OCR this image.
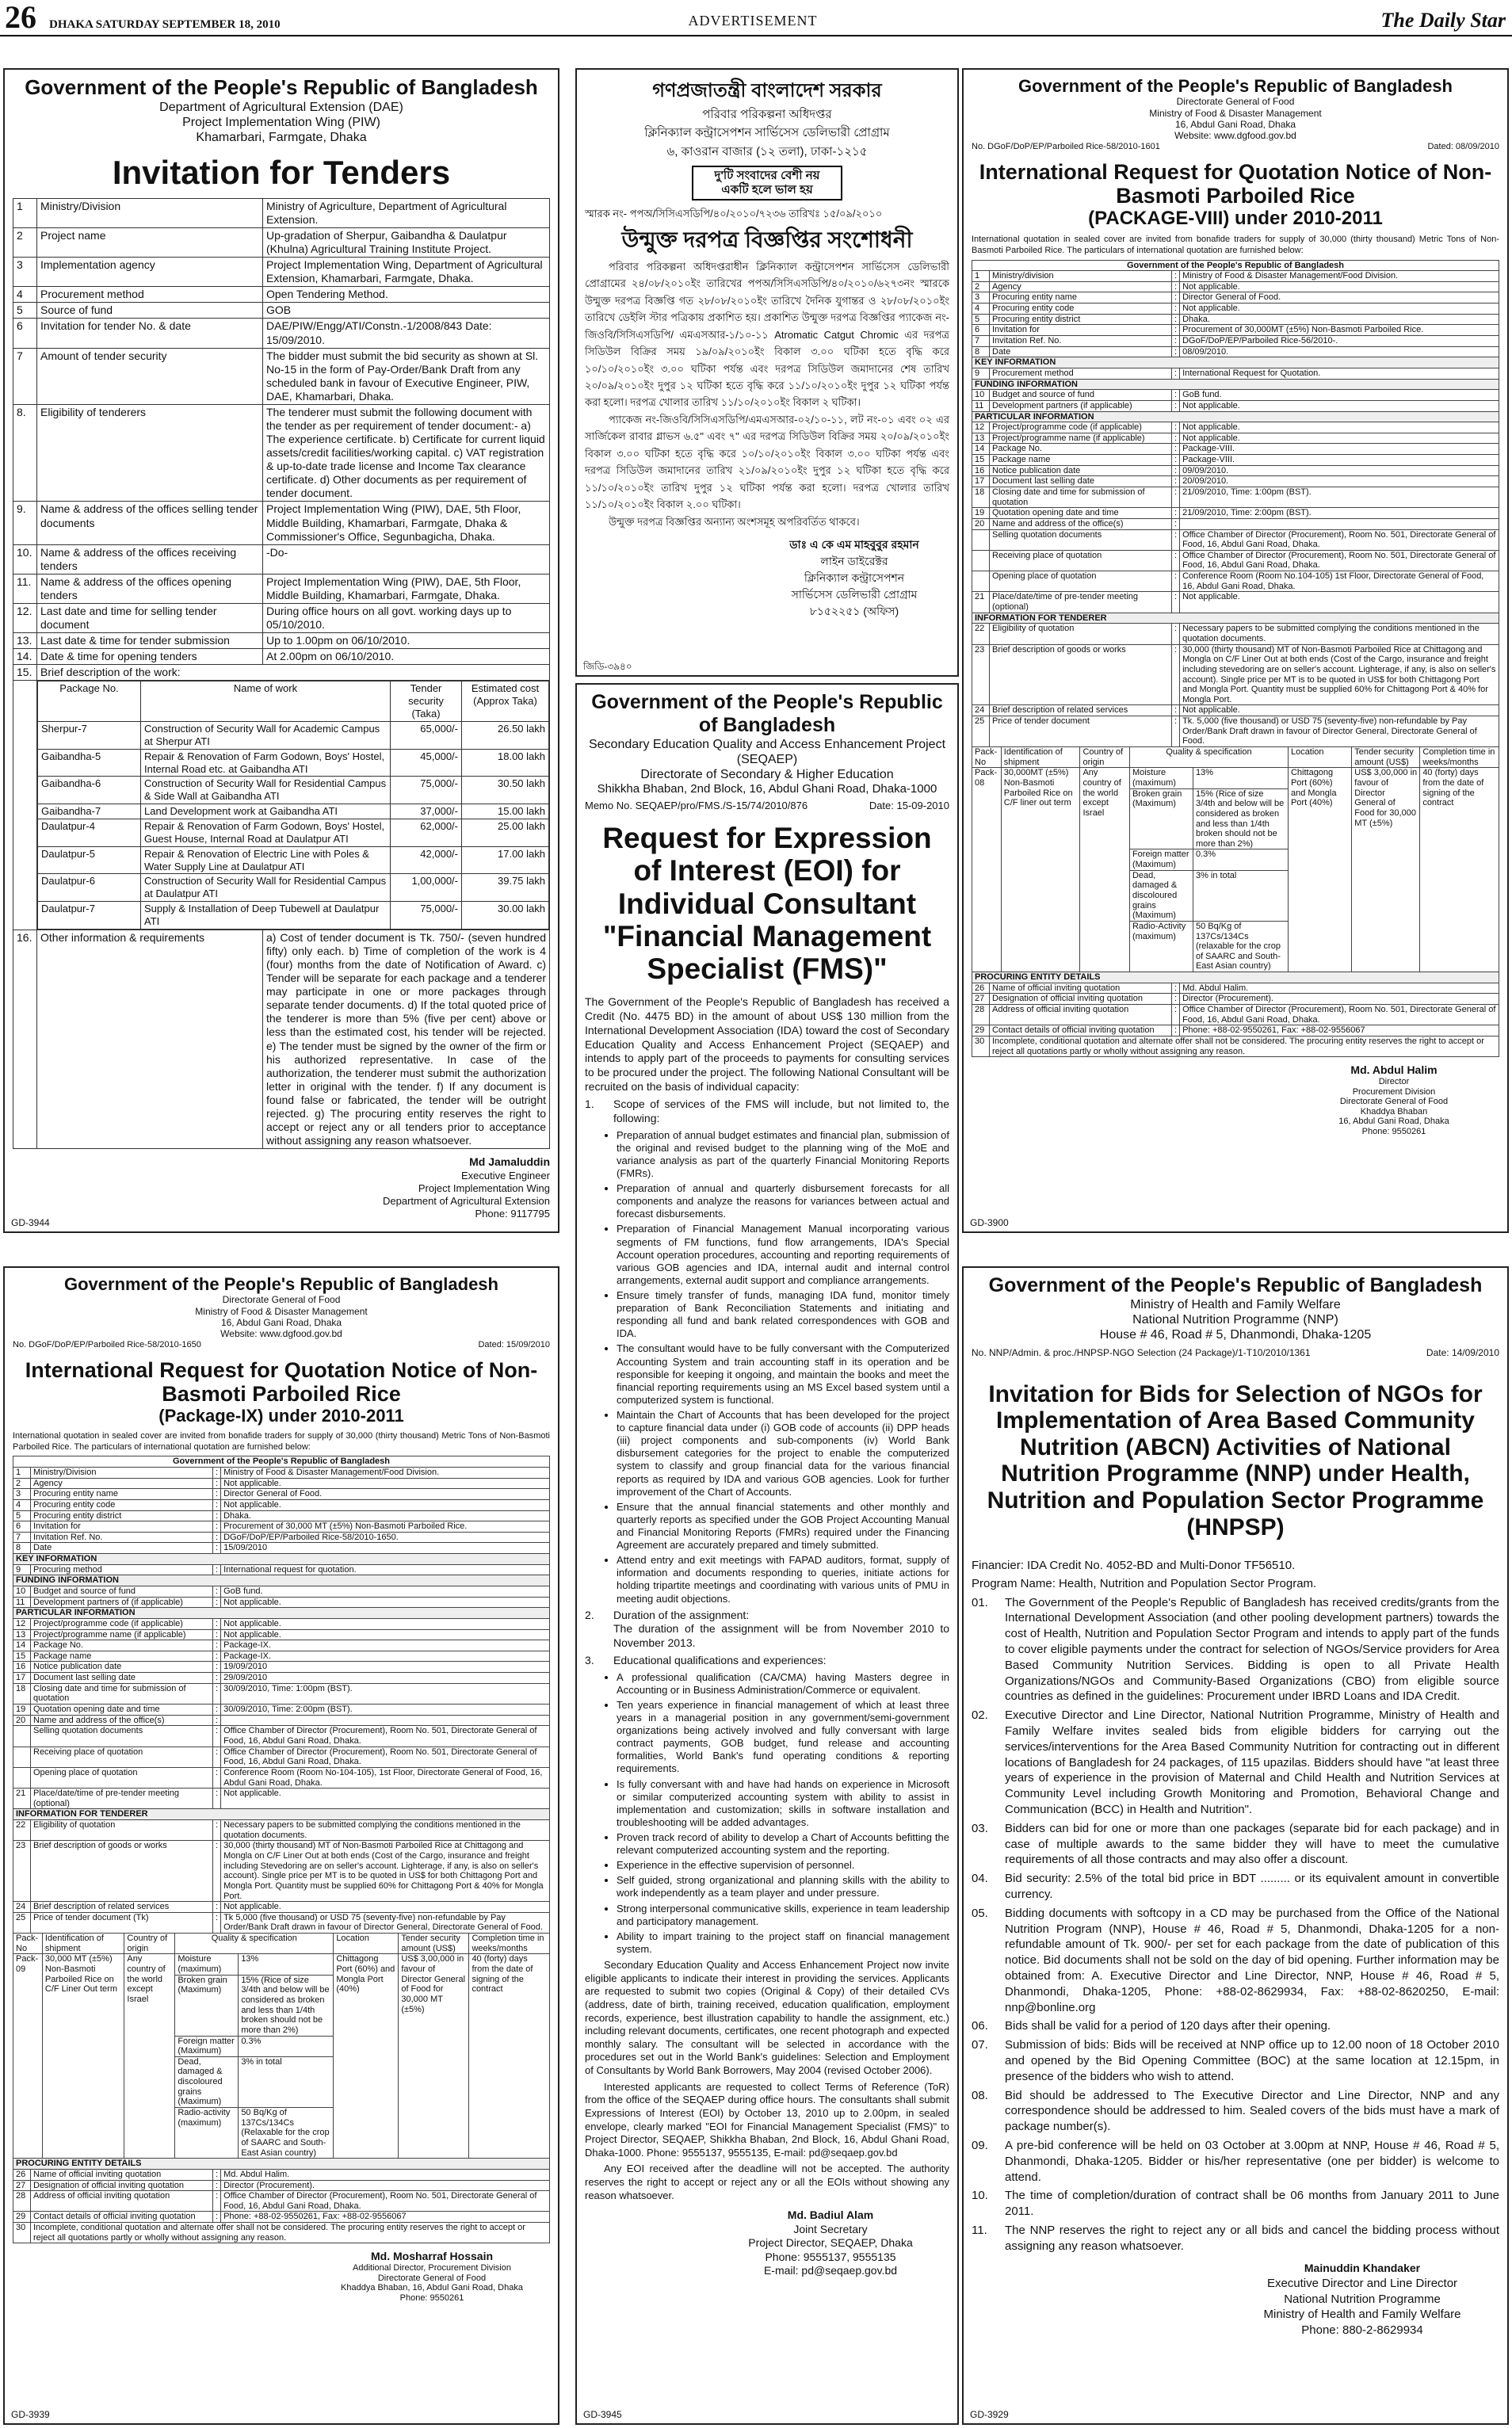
26 DHAKA SATURDAY SEPTEMBER 18, 2010	ADVERTISEMENT	The Daily Star
Government of the People's Republic of Bangladesh
Department of Agricultural Extension (DAE)
Project Implementation Wing (PIW)
Khamarbari, Farmgate, Dhaka
Invitation for Tenders
1	Ministry/Division	Ministry of Agriculture, Department of Agricultural Extension.
2	Project name	Up-gradation of Sherpur, Gaibandha & Daulatpur (Khulna) Agricultural Training Institute Project.
3	Implementation agency	Project Implementation Wing, Department of Agricultural Extension, Khamarbari, Farmgate, Dhaka.
4	Procurement method	Open Tendering Method.
5	Source of fund	GOB
6	Invitation for tender No. & date	DAE/PIW/Engg/ATI/Constn.-1/2008/843 Date: 15/09/2010.
7	Amount of tender security	The bidder must submit the bid security as shown at Sl. No-15 in the form of Pay-Order/Bank Draft from any scheduled bank in favour of Executive Engineer, PIW, DAE, Khamarbari, Dhaka.
8.	Eligibility of tenderers	The tenderer must submit the following document with the tender as per requirement of tender document:- a) The experience certificate. b) Certificate for current liquid assets/credit facilities/working capital. c) VAT registration & up-to-date trade license and Income Tax clearance certificate. d) Other documents as per requirement of tender document.
9.	Name & address of the offices selling tender documents	Project Implementation Wing (PIW), DAE, 5th Floor, Middle Building, Khamarbari, Farmgate, Dhaka & Commissioner's Office, Segunbagicha, Dhaka.
10.	Name & address of the offices receiving tenders	-Do-
11.	Name & address of the offices opening tenders	Project Implementation Wing (PIW), DAE, 5th Floor, Middle Building, Khamarbari, Farmgate, Dhaka.
12.	Last date and time for selling tender document	During office hours on all govt. working days up to 05/10/2010.
13.	Last date & time for tender submission	Up to 1.00pm on 06/10/2010.
14.	Date & time for opening tenders	At 2.00pm on 06/10/2010.
15.	Brief description of the work:

Package No.	Name of work	Tender security (Taka)	Estimated cost (Approx Taka)
Sherpur-7	Construction of Security Wall for Academic Campus at Sherpur ATI	65,000/-	26.50 lakh
Gaibandha-5	Repair & Renovation of Farm Godown, Boys' Hostel, Internal Road etc. at Gaibandha ATI	45,000/-	18.00 lakh
Gaibandha-6	Construction of Security Wall for Residential Campus & Side Wall at Gaibandha ATI	75,000/-	30.50 lakh
Gaibandha-7	Land Development work at Gaibandha ATI	37,000/-	15.00 lakh
Daulatpur-4	Repair & Renovation of Farm Godown, Boys' Hostel, Guest House, Internal Road at Daulatpur ATI	62,000/-	25.00 lakh
Daulatpur-5	Repair & Renovation of Electric Line with Poles & Water Supply Line at Daulatpur ATI	42,000/-	17.00 lakh
Daulatpur-6	Construction of Security Wall for Residential Campus at Daulatpur ATI	1,00,000/-	39.75 lakh
Daulatpur-7	Supply & Installation of Deep Tubewell at Daulatpur ATI	75,000/-	30.00 lakh

16.	Other information & requirements	a) Cost of tender document is Tk. 750/- (seven hundred fifty) only each. b) Time of completion of the work is 4 (four) months from the date of Notification of Award. c) Tender will be separate for each package and a tenderer may participate in one or more packages through separate tender documents. d) If the total quoted price of the tenderer is more than 5% (five per cent) above or less than the estimated cost, his tender will be rejected. e) The tender must be signed by the owner of the firm or his authorized representative. In case of the authorization, the tenderer must submit the authorization letter in original with the tender. f) If any document is found false or fabricated, the tender will be outright rejected. g) The procuring entity reserves the right to accept or reject any or all tenders prior to acceptance without assigning any reason whatsoever.
Md Jamaluddin
Executive Engineer
Project Implementation Wing
Department of Agricultural Extension
Phone: 9117795
GD-3944
গণপ্রজাতন্ত্রী বাংলাদেশ সরকার
পরিবার পরিকল্পনা অধিদপ্তর
ক্লিনিক্যাল কন্ট্রাসেপশন সার্ভিসেস ডেলিভারী প্রোগ্রাম
৬, কাওরান বাজার (১২ তলা), ঢাকা-১২১৫
দু'টি সংবাদের বেশী নয়
একটি হলে ভাল হয়
স্মারক নং- পপঅ/সিসিএসডিপি/৪০/২০১০/৭২৩৬ তারিখঃ ১৫/০৯/২০১০
উন্মুক্ত দরপত্র বিজ্ঞপ্তির সংশোধনী
পরিবার পরিকল্পনা অধিদপ্তরাধীন ক্লিনিক্যাল কন্ট্রাসেপশন সার্ভিসেস ডেলিভারী প্রোগ্রামের ২৪/০৮/২০১০ইং তারিখের পপঅ/সিসিএসডিপি/৪০/২০১০/৬২৭৩নং স্মারকে উন্মুক্ত দরপত্র বিজ্ঞপ্তি গত ২৮/০৮/২০১০ইং তারিখে দৈনিক যুগান্তর ও ২৮/০৮/২০১০ইং তারিখে ডেইলি স্টার পত্রিকায় প্রকাশিত হয়। প্রকাশিত উন্মুক্ত দরপত্র বিজ্ঞপ্তির প্যাকেজ নং-জিওবি/সিসিএসডিপি/ এমএসআর-১/১০-১১ Atromatic Catgut Chromic এর দরপত্র সিডিউল বিক্রির সময় ১৯/০৯/২০১০ইং বিকাল ৩.০০ ঘটিকা হতে বৃদ্ধি করে ১০/১০/২০১০ইং ৩.০০ ঘটিকা পর্যন্ত এবং দরপত্র সিডিউল জমাদানের শেষ তারিখ ২০/০৯/২০১০ইং দুপুর ১২ ঘটিকা হতে বৃদ্ধি করে ১১/১০/২০১০ইং দুপুর ১২ ঘটিকা পর্যন্ত করা হলো। দরপত্র খোলার তারিখ ১১/১০/২০১০ইং বিকাল ২ ঘটিকা।
প্যাকেজ নং-জিওবি/সিসিএসডিপি/এমএসআর-০২/১০-১১, লট নং-০১ এবং ০২ এর সার্জিকেল রাবার গ্লাভস ৬.৫" এবং ৭" এর দরপত্র সিডিউল বিক্রির সময় ২০/০৯/২০১০ইং বিকাল ৩.০০ ঘটিকা হতে বৃদ্ধি করে ১০/১০/২০১০ইং বিকাল ৩.০০ ঘটিকা পর্যন্ত এবং দরপত্র সিডিউল জমাদানের তারিখ ২১/০৯/২০১০ইং দুপুর ১২ ঘটিকা হতে বৃদ্ধি করে ১১/১০/২০১০ইং তারিখ দুপুর ১২ ঘটিকা পর্যন্ত করা হলো। দরপত্র খোলার তারিখ ১১/১০/২০১০ইং বিকাল ২.০০ ঘটিকা।
উন্মুক্ত দরপত্র বিজ্ঞপ্তির অন্যান্য অংশসমূহ অপরিবর্তিত থাকবে।
ডাঃ এ কে এম মাহবুবুর রহমান
লাইন ডাইরেক্টর
ক্লিনিক্যাল কন্ট্রাসেপশন
সার্ভিসেস ডেলিভারী প্রোগ্রাম
৮১৫২২৫১ (অফিস)
জিডি-৩৯৪০
Government of the People's Republic of Bangladesh
Secondary Education Quality and Access Enhancement Project (SEQAEP)
Directorate of Secondary & Higher Education
Shikkha Bhaban, 2nd Block, 16, Abdul Ghani Road, Dhaka-1000
Memo No. SEQAEP/pro/FMS./S-15/74/2010/876	Date: 15-09-2010
Request for Expression of Interest (EOI) for Individual Consultant "Financial Management Specialist (FMS)"
The Government of the People's Republic of Bangladesh has received a Credit (No. 4475 BD) in the amount of about US$ 130 million from the International Development Association (IDA) toward the cost of Secondary Education Quality and Access Enhancement Project (SEQAEP) and intends to apply part of the proceeds to payments for consulting services to be procured under the project. The following National Consultant will be recruited on the basis of individual capacity:
1.	Scope of services of the FMS will include, but not limited to, the following:
• Preparation of annual budget estimates and financial plan, submission of the original and revised budget to the planning wing of the MoE and variance analysis as part of the quarterly Financial Monitoring Reports (FMRs).
• Preparation of annual and quarterly disbursement forecasts for all components and analyze the reasons for variances between actual and forecast disbursements.
• Preparation of Financial Management Manual incorporating various segments of FM functions, fund flow arrangements, IDA's Special Account operation procedures, accounting and reporting requirements of various GOB agencies and IDA, internal audit and internal control arrangements, external audit support and compliance arrangements.
• Ensure timely transfer of funds, managing IDA fund, monitor timely preparation of Bank Reconciliation Statements and initiating and responding all fund and bank related correspondences with GOB and IDA.
• The consultant would have to be fully conversant with the Computerized Accounting System and train accounting staff in its operation and be responsible for keeping it ongoing, and maintain the books and meet the financial reporting requirements using an MS Excel based system until a computerized system is functional.
• Maintain the Chart of Accounts that has been developed for the project to capture financial data under (i) GOB code of accounts (ii) DPP heads (iii) project components and sub-components (iv) World Bank disbursement categories for the project to enable the computerized system to classify and group financial data for the various financial reports as required by IDA and various GOB agencies. Look for further improvement of the Chart of Accounts.
• Ensure that the annual financial statements and other monthly and quarterly reports as specified under the GOB Project Accounting Manual and Financial Monitoring Reports (FMRs) required under the Financing Agreement are accurately prepared and timely submitted.
• Attend entry and exit meetings with FAPAD auditors, format, supply of information and documents responding to queries, initiate actions for holding tripartite meetings and coordinating with various units of PMU in meeting audit objections.
2.	Duration of the assignment:
The duration of the assignment will be from November 2010 to November 2013.
3.	Educational qualifications and experiences:
• A professional qualification (CA/CMA) having Masters degree in Accounting or in Business Administration/Commerce or equivalent.
• Ten years experience in financial management of which at least three years in a managerial position in any government/semi-government organizations being actively involved and fully conversant with large contract payments, GOB budget, fund release and accounting formalities, World Bank's fund operating conditions & reporting requirements.
• Is fully conversant with and have had hands on experience in Microsoft or similar computerized accounting system with ability to assist in implementation and customization; skills in software installation and troubleshooting will be added advantages.
• Proven track record of ability to develop a Chart of Accounts befitting the relevant computerized accounting system and the reporting.
• Experience in the effective supervision of personnel.
• Self guided, strong organizational and planning skills with the ability to work independently as a team player and under pressure.
• Strong interpersonal communicative skills, experience in team leadership and participatory management.
• Ability to impart training to the project staff on financial management system.
Secondary Education Quality and Access Enhancement Project now invite eligible applicants to indicate their interest in providing the services. Applicants are requested to submit two copies (Original & Copy) of their detailed CVs (address, date of birth, training received, education qualification, employment records, experience, best illustration capability to handle the assignment, etc.) including relevant documents, certificates, one recent photograph and expected monthly salary. The consultant will be selected in accordance with the procedures set out in the World Bank's guidelines: Selection and Employment of Consultants by World Bank Borrowers, May 2004 (revised October 2006).
Interested applicants are requested to collect Terms of Reference (ToR) from the office of the SEQAEP during office hours. The consultants shall submit Expressions of Interest (EOI) by October 13, 2010 up to 2.00pm, in sealed envelope, clearly marked "EOI for Financial Management Specialist (FMS)" to Project Director, SEQAEP, Shikkha Bhaban, 2nd Block, 16, Abdul Ghani Road, Dhaka-1000. Phone: 9555137, 9555135, E-mail: pd@seqaep.gov.bd
Any EOI received after the deadline will not be accepted. The authority reserves the right to accept or reject any or all the EOIs without showing any reason whatsoever.
Md. Badiul Alam
Joint Secretary
Project Director, SEQAEP, Dhaka
Phone: 9555137, 9555135
E-mail: pd@seqaep.gov.bd
GD-3945
Government of the People's Republic of Bangladesh
Directorate General of Food
Ministry of Food & Disaster Management
16, Abdul Gani Road, Dhaka
Website: www.dgfood.gov.bd
No. DGoF/DoP/EP/Parboiled Rice-58/2010-1601	Dated: 08/09/2010
International Request for Quotation Notice of Non-Basmoti Parboiled Rice
(PACKAGE-VIII) under 2010-2011
International quotation in sealed cover are invited from bonafide traders for supply of 30,000 (thirty thousand) Metric Tons of Non-Basmoti Parboiled Rice. The particulars of international quotation are furnished below:
Government of the People's Republic of Bangladesh			
1	Ministry/division	:	Ministry of Food & Disaster Management/Food Division.
2	Agency	:	Not applicable.
3	Procuring entity name	:	Director General of Food.
4	Procuring entity code	:	Not applicable.
5	Procuring entity district	:	Dhaka.
6	Invitation for	:	Procurement of 30,000MT (±5%) Non-Basmoti Parboiled Rice.
7	Invitation Ref. No.	:	DGoF/DoP/EP/Parboiled Rice-56/2010-.
8	Date	:	08/09/2010.
KEY INFORMATION			
9	Procurement method	:	International Request for Quotation.
FUNDING INFORMATION			
10	Budget and source of fund	:	GoB fund.
11	Development partners (if applicable)	:	Not applicable.
PARTICULAR INFORMATION			
12	Project/programme code (if applicable)	:	Not applicable.
13	Project/programme name (if applicable)	:	Not applicable.
14	Package No.	:	Package-VIII.
15	Package name	:	Package-VIII.
16	Notice publication date	:	09/09/2010.
17	Document last selling date	:	20/09/2010.
18	Closing date and time for submission of quotation	:	21/09/2010, Time: 1:00pm (BST).
19	Quotation opening date and time	:	21/09/2010, Time: 2:00pm (BST).
20	Name and address of the office(s)	:	
	Selling quotation documents	:	Office Chamber of Director (Procurement), Room No. 501, Directorate General of Food, 16, Abdul Gani Road, Dhaka.
	Receiving place of quotation	:	Office Chamber of Director (Procurement), Room No. 501, Directorate General of Food, 16, Abdul Gani Road, Dhaka.
	Opening place of quotation	:	Conference Room (Room No.104-105) 1st Floor, Directorate General of Food, 16, Abdul Gani Road, Dhaka.
21	Place/date/time of pre-tender meeting (optional)	:	Not applicable.
INFORMATION FOR TENDERER			
22	Eligibility of quotation	:	Necessary papers to be submitted complying the conditions mentioned in the quotation documents.
23	Brief description of goods or works	:	30,000 (thirty thousand) MT of Non-Basmoti Parboiled Rice at Chittagong and Mongla on C/F Liner Out at both ends (Cost of the Cargo, insurance and freight including stevedoring are on seller's account. Lighterage, if any, is also on seller's account). Single price per MT is to be quoted in US$ for both Chittagong Port and Mongla Port. Quantity must be supplied 60% for Chittagong Port & 40% for Mongla Port.
24	Brief description of related services	:	Not applicable.
25	Price of tender document	:	Tk. 5,000 (five thousand) or USD 75 (seventy-five) non-refundable by Pay Order/Bank Draft drawn in favour of Director General, Directorate General of Food.
Pack-No	Identification of shipment	Country of origin	Quality & specification		Location	Tender security amount (US$)	Completion time in weeks/months
Pack-08	30,000MT (±5%) Non-Basmoti Parboiled Rice on C/F liner out term	Any country of the world except Israel	Moisture (maximum)	13%	Chittagong Port (60%) and Mongla Port (40%)	US$ 3,00,000 in favour of Director General of Food for 30,000 MT (±5%)	40 (forty) days from the date of signing of the contract
			Broken grain (Maximum)	15% (Rice of size 3/4th and below will be considered as broken and less than 1/4th broken should not be more than 2%)			
			Foreign matter (Maximum)	0.3%			
			Dead, damaged & discoloured grains (Maximum)	3% in total			
			Radio-Activity (maximum)	50 Bq/Kg of 137Cs/134Cs (relaxable for the crop of SAARC and South-East Asian country)			
PROCURING ENTITY DETAILS			
26	Name of official inviting quotation	:	Md. Abdul Halim.
27	Designation of official inviting quotation	:	Director (Procurement).
28	Address of official inviting quotation	:	Office Chamber of Director (Procurement), Room No. 501, Directorate General of Food, 16, Abdul Gani Road, Dhaka.
29	Contact details of official inviting quotation	:	Phone: +88-02-9550261, Fax: +88-02-9556067
30	Incomplete, conditional quotation and alternate offer shall not be considered. The procuring entity reserves the right to accept or reject all quotations partly or wholly without assigning any reason.		
Md. Abdul Halim
Director
Procurement Division
Directorate General of Food
Khaddya Bhaban
16, Abdul Gani Road, Dhaka
Phone: 9550261
GD-3900
Government of the People's Republic of Bangladesh
Directorate General of Food
Ministry of Food & Disaster Management
16, Abdul Gani Road, Dhaka
Website: www.dgfood.gov.bd
No. DGoF/DoP/EP/Parboiled Rice-58/2010-1650	Dated: 15/09/2010
International Request for Quotation Notice of Non-Basmoti Parboiled Rice
(Package-IX) under 2010-2011
International quotation in sealed cover are invited from bonafide traders for supply of 30,000 (thirty thousand) Metric Tons of Non-Basmoti Parboiled Rice. The particulars of international quotation are furnished below:
Government of the People's Republic of Bangladesh			
1	Ministry/Division	:	Ministry of Food & Disaster Management/Food Division.
2	Agency	:	Not applicable.
3	Procuring entity name	:	Director General of Food.
4	Procuring entity code	:	Not applicable.
5	Procuring entity district	:	Dhaka.
6	Invitation for	:	Procurement of 30,000 MT (±5%) Non-Basmoti Parboiled Rice.
7	Invitation Ref. No.	:	DGoF/DoP/EP/Parboiled Rice-58/2010-1650.
8	Date	:	15/09/2010
KEY INFORMATION			
9	Procuring method	:	International request for quotation.
FUNDING INFORMATION			
10	Budget and source of fund	:	GoB fund.
11	Development partners of (if applicable)	:	Not applicable.
PARTICULAR INFORMATION			
12	Project/programme code (if applicable)	:	Not applicable.
13	Project/programme name (if applicable)	:	Not applicable.
14	Package No.	:	Package-IX.
15	Package name	:	Package-IX.
16	Notice publication date	:	19/09/2010
17	Document last selling date	:	29/09/2010
18	Closing date and time for submission of quotation	:	30/09/2010, Time: 1:00pm (BST).
19	Quotation opening date and time	:	30/09/2010, Time: 2:00pm (BST).
20	Name and address of the office(s)	:	
	Selling quotation documents	:	Office Chamber of Director (Procurement), Room No. 501, Directorate General of Food, 16, Abdul Gani Road, Dhaka.
	Receiving place of quotation	:	Office Chamber of Director (Procurement), Room No. 501, Directorate General of Food, 16, Abdul Gani Road, Dhaka.
	Opening place of quotation	:	Conference Room (Room No-104-105), 1st Floor, Directorate General of Food, 16, Abdul Gani Road, Dhaka.
21	Place/date/time of pre-tender meeting (optional)	:	Not applicable.
INFORMATION FOR TENDERER			
22	Eligibility of quotation	:	Necessary papers to be submitted complying the conditions mentioned in the quotation documents.
23	Brief description of goods or works	:	30,000 (thirty thousand) MT of Non-Basmoti Parboiled Rice at Chittagong and Mongla on C/F Liner Out at both ends (Cost of the Cargo, insurance and freight including Stevedoring are on seller's account. Lighterage, if any, is also on seller's account). Single price per MT is to be quoted in US$ for both Chittagong Port and Mongla Port. Quantity must be supplied 60% for Chittagong Port & 40% for Mongla Port.
24	Brief description of related services	:	Not applicable.
25	Price of tender document (Tk)	:	Tk 5,000 (five thousand) or USD 75 (seventy-five) non-refundable by Pay Order/Bank Draft drawn in favour of Director General, Directorate General of Food.
Pack-No	Identification of shipment	Country of origin	Quality & specification		Location	Tender security amount (US$)	Completion time in weeks/months
Pack-09	30,000 MT (±5%) Non-Basmoti Parboiled Rice on C/F Liner Out term	Any country of the world except Israel	Moisture (maximum)	13%	Chittagong Port (60%) and Mongla Port (40%)	US$ 3,00,000 in favour of Director General of Food for 30,000 MT (±5%)	40 (forty) days from the date of signing of the contract
			Broken grain (Maximum)	15% (Rice of size 3/4th and below will be considered as broken and less than 1/4th broken should not be more than 2%)			
			Foreign matter (Maximum)	0.3%			
			Dead, damaged & discoloured grains (Maximum)	3% in total			
			Radio-activity (maximum)	50 Bq/Kg of 137Cs/134Cs (Relaxable for the crop of SAARC and South-East Asian country)			
PROCURING ENTITY DETAILS			
26	Name of official inviting quotation	:	Md. Abdul Halim.
27	Designation of official inviting quotation	:	Director (Procurement).
28	Address of official inviting quotation	:	Office Chamber of Director (Procurement), Room No. 501, Directorate General of Food, 16, Abdul Gani Road, Dhaka.
29	Contact details of official inviting quotation	:	Phone: +88-02-9550261, Fax: +88-02-9556067
30	Incomplete, conditional quotation and alternate offer shall not be considered. The procuring entity reserves the right to accept or reject all quotations partly or wholly without assigning any reason.		
Md. Mosharraf Hossain
Additional Director, Procurement Division
Directorate General of Food
Khaddya Bhaban, 16, Abdul Gani Road, Dhaka
Phone: 9550261
GD-3939
Government of the People's Republic of Bangladesh
Ministry of Health and Family Welfare
National Nutrition Programme (NNP)
House # 46, Road # 5, Dhanmondi, Dhaka-1205
No. NNP/Admin. & proc./HNPSP-NGO Selection (24 Package)/1-T10/2010/1361	Date: 14/09/2010
Invitation for Bids for Selection of NGOs for Implementation of Area Based Community Nutrition (ABCN) Activities of National Nutrition Programme (NNP) under Health, Nutrition and Population Sector Programme (HNPSP)
Financier: IDA Credit No. 4052-BD and Multi-Donor TF56510.
Program Name: Health, Nutrition and Population Sector Program.
01.	The Government of the People's Republic of Bangladesh has received credits/grants from the International Development Association (and other pooling development partners) towards the cost of Health, Nutrition and Population Sector Program and intends to apply part of the funds to cover eligible payments under the contract for selection of NGOs/Service providers for Area Based Community Nutrition Services. Bidding is open to all Private Health Organizations/NGOs and Community-Based Organizations (CBO) from eligible source countries as defined in the guidelines: Procurement under IBRD Loans and IDA Credit.
02.	Executive Director and Line Director, National Nutrition Programme, Ministry of Health and Family Welfare invites sealed bids from eligible bidders for carrying out the services/interventions for the Area Based Community Nutrition for contracting out in different locations of Bangladesh for 24 packages, of 115 upazilas. Bidders should have "at least three years of experience in the provision of Maternal and Child Health and Nutrition Services at Community Level including Growth Monitoring and Promotion, Behavioral Change and Communication (BCC) in Health and Nutrition".
03.	Bidders can bid for one or more than one packages (separate bid for each package) and in case of multiple awards to the same bidder they will have to meet the cumulative requirements of all those contracts and may also offer a discount.
04.	Bid security: 2.5% of the total bid price in BDT ......... or its equivalent amount in convertible currency.
05.	Bidding documents with softcopy in a CD may be purchased from the Office of the National Nutrition Program (NNP), House # 46, Road # 5, Dhanmondi, Dhaka-1205 for a non-refundable amount of Tk. 900/- per set for each package from the date of publication of this notice. Bid documents shall not be sold on the day of bid opening. Further information may be obtained from: A. Executive Director and Line Director, NNP, House # 46, Road # 5, Dhanmondi, Dhaka-1205, Phone: +88-02-8629934, Fax: +88-02-8620250, E-mail: nnp@bonline.org
06.	Bids shall be valid for a period of 120 days after their opening.
07.	Submission of bids: Bids will be received at NNP office up to 12.00 noon of 18 October 2010 and opened by the Bid Opening Committee (BOC) at the same location at 12.15pm, in presence of the bidders who wish to attend.
08.	Bid should be addressed to The Executive Director and Line Director, NNP and any correspondence should be addressed to him. Sealed covers of the bids must have a mark of package number(s).
09.	A pre-bid conference will be held on 03 October at 3.00pm at NNP, House # 46, Road # 5, Dhanmondi, Dhaka-1205. Bidder or his/her representative (one per bidder) is welcome to attend.
10.	The time of completion/duration of contract shall be 06 months from January 2011 to June 2011.
11.	The NNP reserves the right to reject any or all bids and cancel the bidding process without assigning any reason whatsoever.
Mainuddin Khandaker
Executive Director and Line Director
National Nutrition Programme
Ministry of Health and Family Welfare
Phone: 880-2-8629934
GD-3929
